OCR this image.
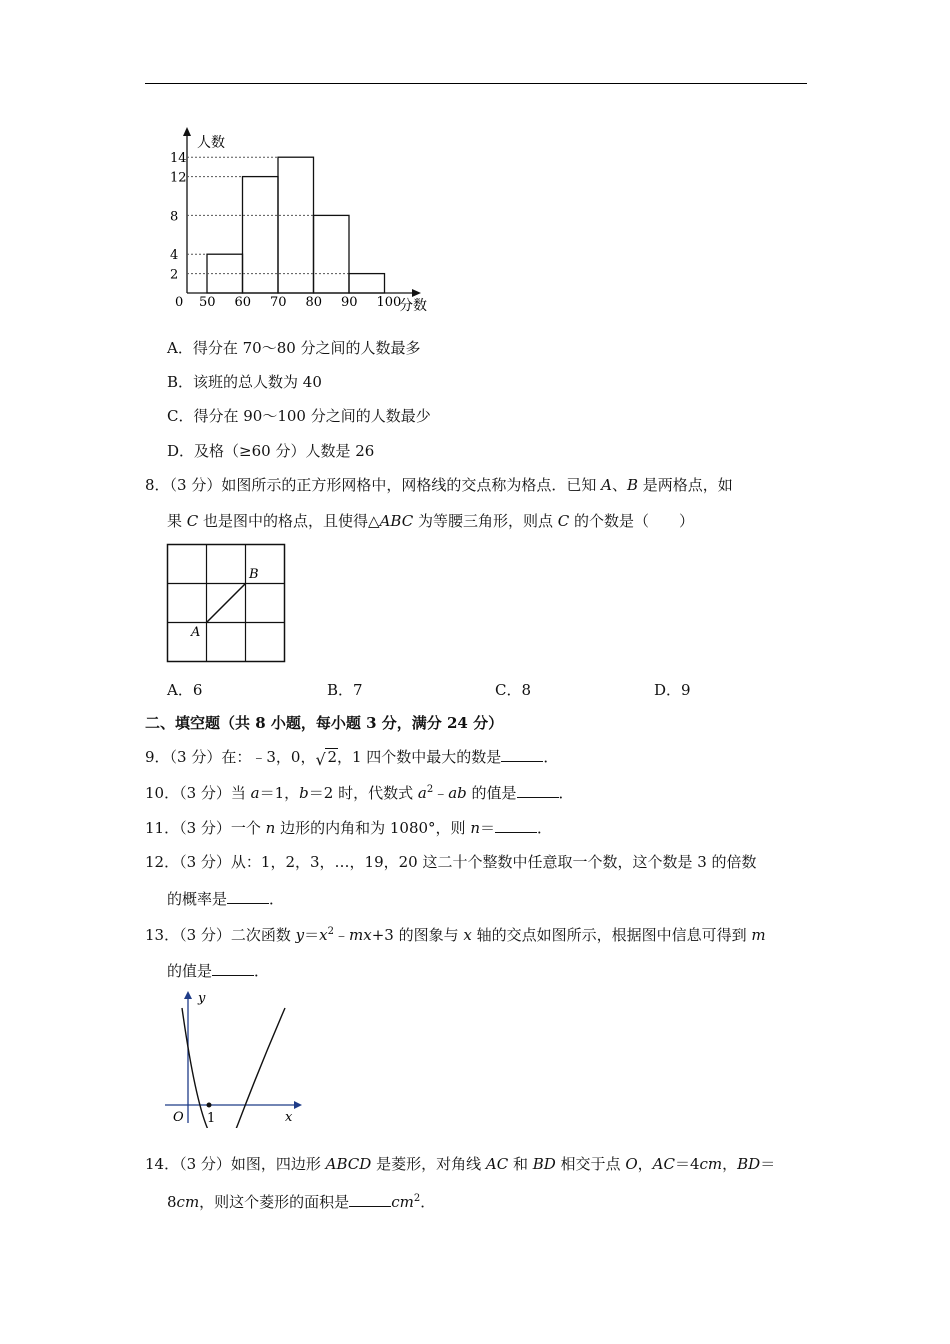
0
2
4
8
12
14
50 60 70 80 90 100
人数
分数
A．得分在 70～80 分之间的人数最多
B．该班的总人数为 40
C．得分在 90～100 分之间的人数最少
D．及格（≥60 分）人数是 26
8．（3 分）如图所示的正方形网格中，网格线的交点称为格点．已知 A、B 是两格点，如
果 C 也是图中的格点，且使得△ABC 为等腰三角形，则点 C 的个数是（　　）
A
B
A．6	B．7	C．8	D．9
二、填空题（共 8 小题，每小题 3 分，满分 24 分）
9．（3 分）在：﹣3，0， √ 2，1 四个数中最大的数是	．
10．（3 分）当 a＝1，b＝2 时，代数式 $a^2﹣ab$ 的值是	．
11．（3 分）一个 n 边形的内角和为 1080°，则 n＝	．
12．（3 分）从：1，2，3，…，19，20 这二十个整数中任意取一个数，这个数是 3 的倍数
的概率是	．
13．（3 分）二次函数 $y=x^2﹣mx+3$ 的图象与 x 轴的交点如图所示，根据图中信息可得到 m
的值是	．
y
x
O 1
14．（3 分）如图，四边形 ABCD 是菱形，对角线 AC 和 BD 相交于点 O，AC＝4cm，BD＝
8cm，则这个菱形的面积是	$cm^2$．
